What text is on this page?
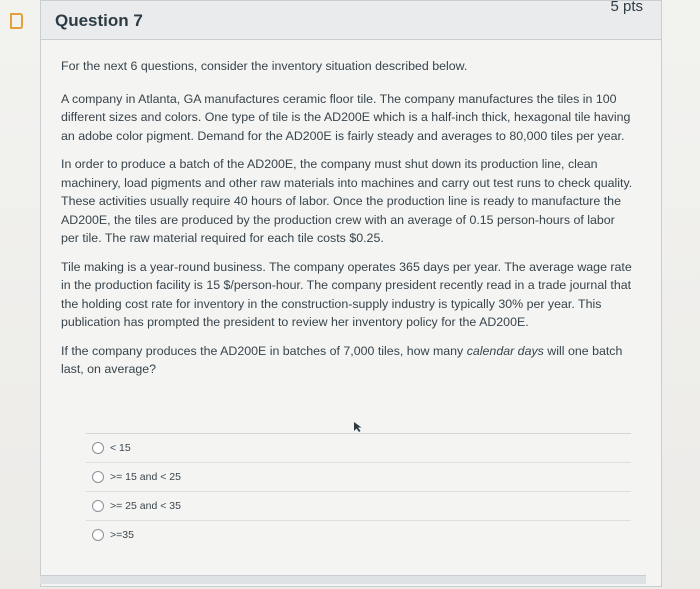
Question 7
5 pts

For the next 6 questions, consider the inventory situation described below.

A company in Atlanta, GA manufactures ceramic floor tile. The company manufactures the tiles in 100 different sizes and colors. One type of tile is the AD200E which is a half-inch thick, hexagonal tile having an adobe color pigment. Demand for the AD200E is fairly steady and averages to 80,000 tiles per year.

In order to produce a batch of the AD200E, the company must shut down its production line, clean machinery, load pigments and other raw materials into machines and carry out test runs to check quality. These activities usually require 40 hours of labor. Once the production line is ready to manufacture the AD200E, the tiles are produced by the production crew with an average of 0.15 person-hours of labor per tile. The raw material required for each tile costs $0.25.

Tile making is a year-round business. The company operates 365 days per year. The average wage rate in the production facility is 15 $/person-hour. The company president recently read in a trade journal that the holding cost rate for inventory in the construction-supply industry is typically 30% per year. This publication has prompted the president to review her inventory policy for the AD200E.

If the company produces the AD200E in batches of 7,000 tiles, how many calendar days will one batch last, on average?

< 15
>= 15 and < 25
>= 25 and < 35
>=35
